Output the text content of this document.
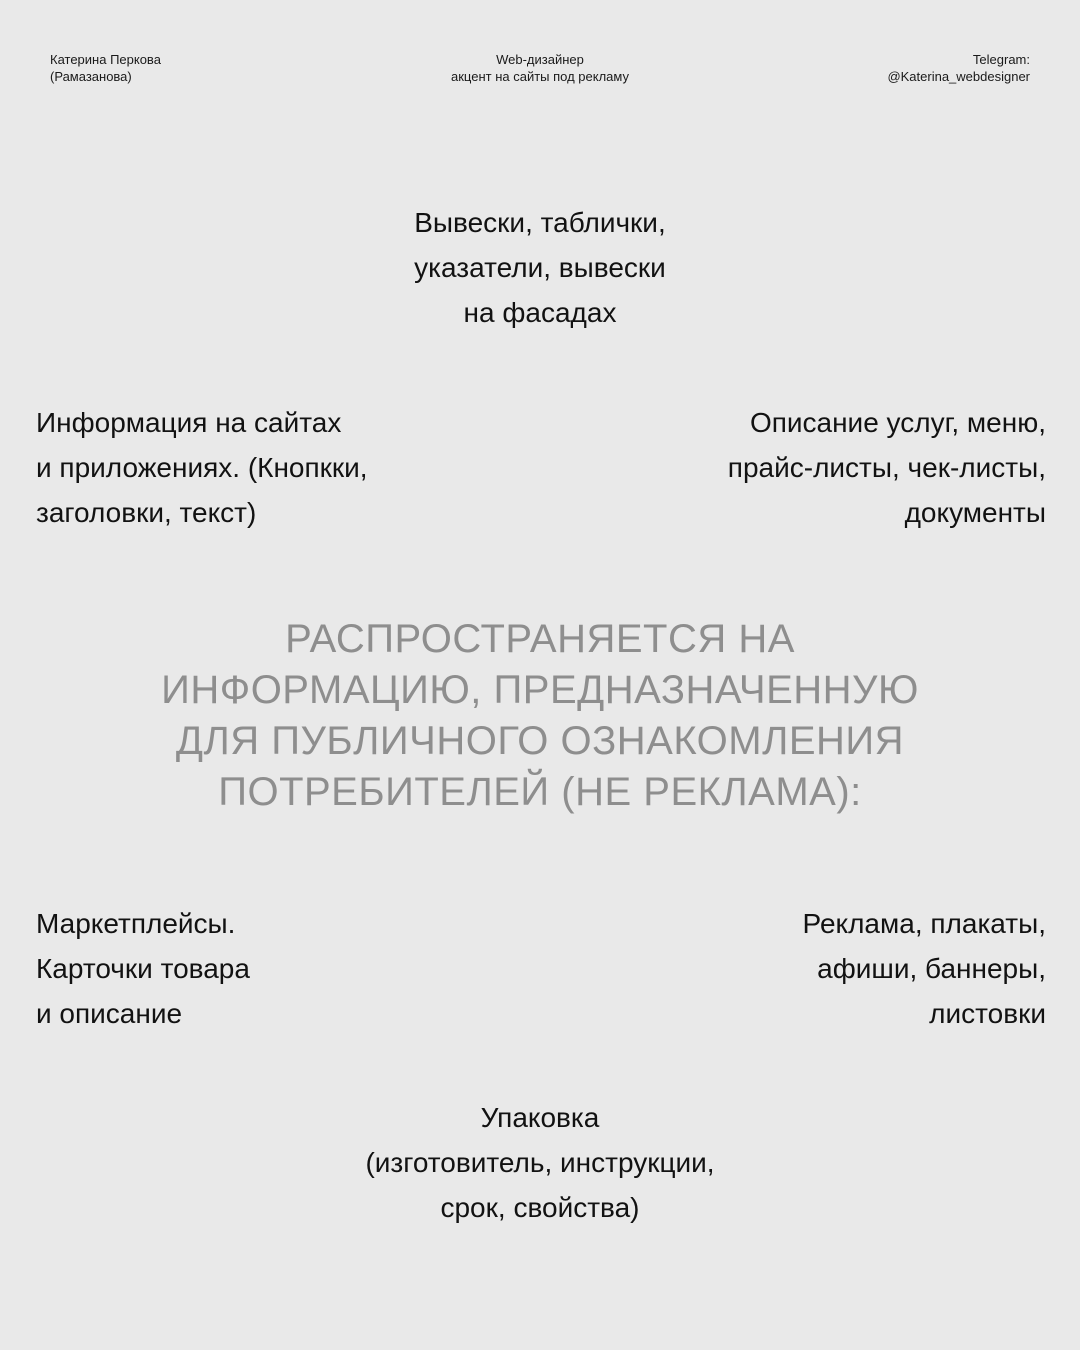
Катерина Перкова
(Рамазанова)
Web-дизайнер
акцент на сайты под рекламу
Telegram:
@Katerina_webdesigner
Вывески, таблички,
указатели, вывески
на фасадах
Информация на сайтах
и приложениях. (Кнопкки,
заголовки, текст)
Описание услуг, меню,
прайс-листы, чек-листы,
документы
РАСПРОСТРАНЯЕТСЯ НА
ИНФОРМАЦИЮ, ПРЕДНАЗНАЧЕННУЮ
ДЛЯ ПУБЛИЧНОГО ОЗНАКОМЛЕНИЯ
ПОТРЕБИТЕЛЕЙ (НЕ РЕКЛАМА):
Маркетплейсы.
Карточки товара
и описание
Реклама, плакаты,
афиши, баннеры,
листовки
Упаковка
(изготовитель, инструкции,
срок, свойства)
